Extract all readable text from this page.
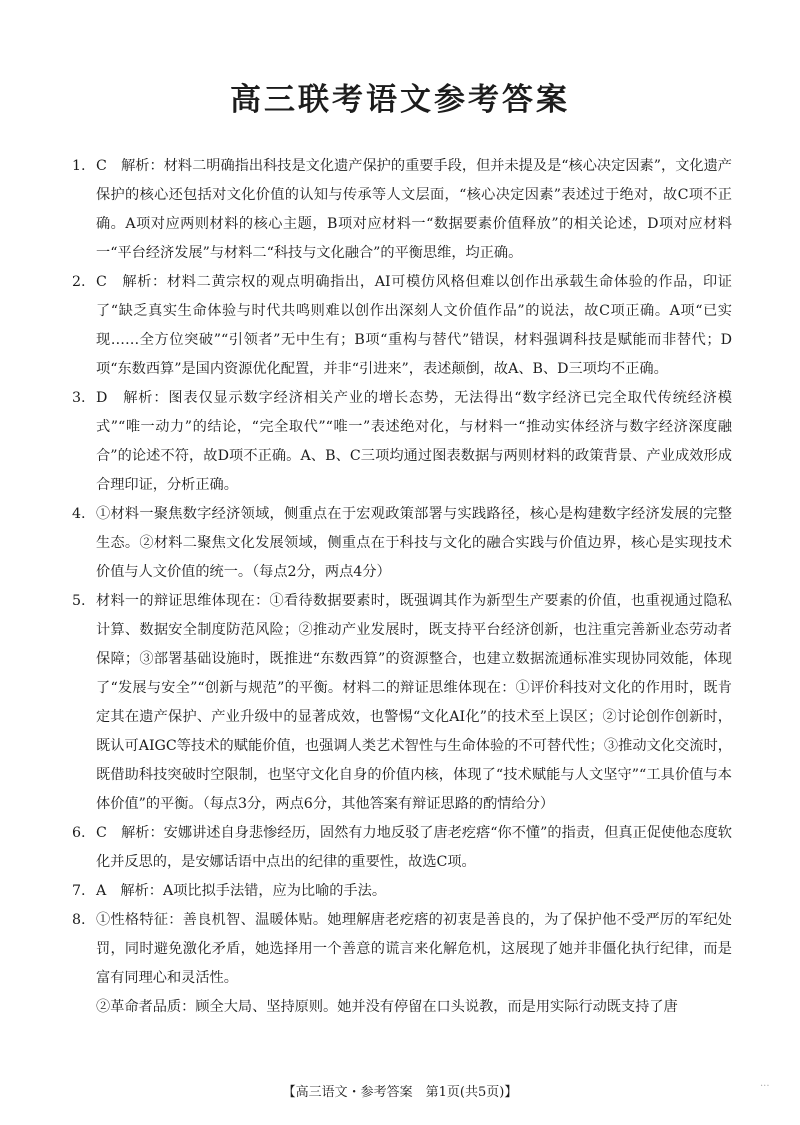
高三联考语文参考答案
1. C　解析：材料二明确指出科技是文化遗产保护的重要手段，但并未提及是“核心决定因素”，文化遗产保护的核心还包括对文化价值的认知与传承等人文层面，“核心决定因素”表述过于绝对，故C项不正确。A项对应两则材料的核心主题，B项对应材料一“数据要素价值释放”的相关论述，D项对应材料一“平台经济发展”与材料二“科技与文化融合”的平衡思维，均正确。
2. C　解析：材料二黄宗权的观点明确指出，AI可模仿风格但难以创作出承载生命体验的作品，印证了“缺乏真实生命体验与时代共鸣则难以创作出深刻人文价值作品”的说法，故C项正确。A项“已实现……全方位突破”“引领者”无中生有；B项“重构与替代”错误，材料强调科技是赋能而非替代；D项“东数西算”是国内资源优化配置，并非“引进来”，表述颠倒，故A、B、D三项均不正确。
3. D　解析：图表仅显示数字经济相关产业的增长态势，无法得出“数字经济已完全取代传统经济模式”“唯一动力”的结论，“完全取代”“唯一”表述绝对化，与材料一“推动实体经济与数字经济深度融合”的论述不符，故D项不正确。A、B、C三项均通过图表数据与两则材料的政策背景、产业成效形成合理印证，分析正确。
4. ①材料一聚焦数字经济领域，侧重点在于宏观政策部署与实践路径，核心是构建数字经济发展的完整生态。②材料二聚焦文化发展领域，侧重点在于科技与文化的融合实践与价值边界，核心是实现技术价值与人文价值的统一。（每点2分，两点4分）
5. 材料一的辩证思维体现在：①看待数据要素时，既强调其作为新型生产要素的价值，也重视通过隐私计算、数据安全制度防范风险；②推动产业发展时，既支持平台经济创新，也注重完善新业态劳动者保障；③部署基础设施时，既推进“东数西算”的资源整合，也建立数据流通标准实现协同效能，体现了“发展与安全”“创新与规范”的平衡。材料二的辩证思维体现在：①评价科技对文化的作用时，既肯定其在遗产保护、产业升级中的显著成效，也警惕“文化AI化”的技术至上误区；②讨论创作创新时，既认可AIGC等技术的赋能价值，也强调人类艺术智性与生命体验的不可替代性；③推动文化交流时，既借助科技突破时空限制，也坚守文化自身的价值内核，体现了“技术赋能与人文坚守”“工具价值与本体价值”的平衡。（每点3分，两点6分，其他答案有辩证思路的酌情给分）
6. C　解析：安娜讲述自身悲惨经历，固然有力地反驳了唐老疙瘩“你不懂”的指责，但真正促使他态度软化并反思的，是安娜话语中点出的纪律的重要性，故选C项。
7. A　解析：A项比拟手法错，应为比喻的手法。
8. ①性格特征：善良机智、温暖体贴。她理解唐老疙瘩的初衷是善良的，为了保护他不受严厉的军纪处罚，同时避免激化矛盾，她选择用一个善意的谎言来化解危机，这展现了她并非僵化执行纪律，而是富有同理心和灵活性。

②革命者品质：顾全大局、坚持原则。她并没有停留在口头说教，而是用实际行动既支持了唐

【高三语文・参考答案　第1页(共5页)】
...
